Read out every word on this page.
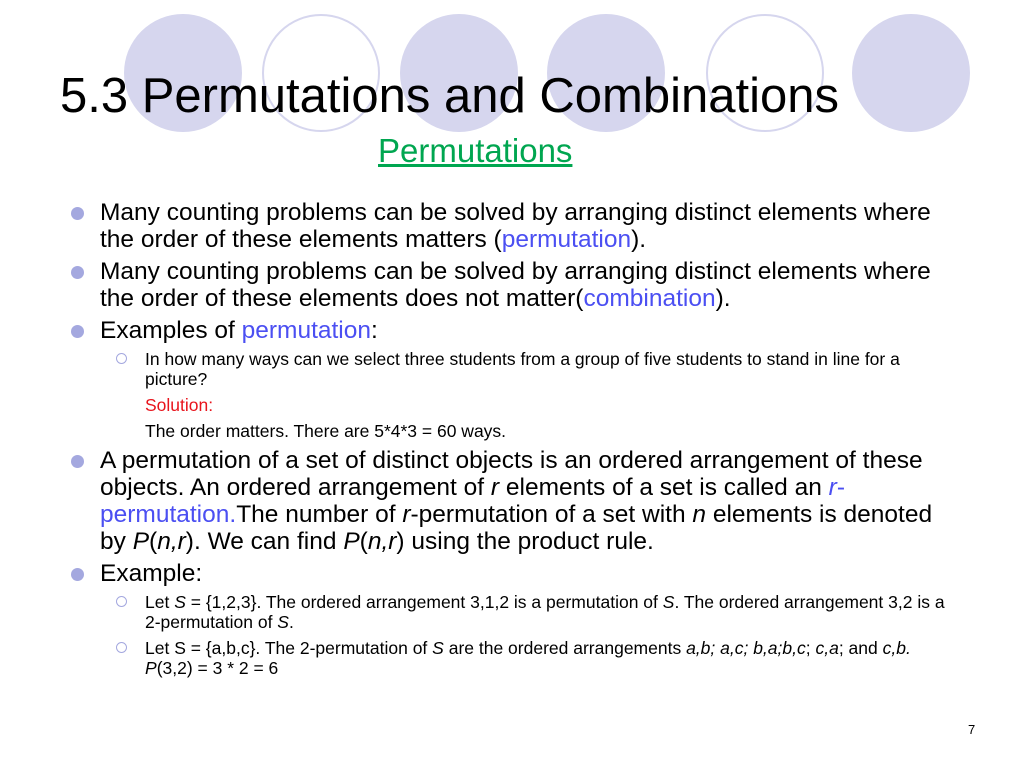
5.3 Permutations and Combinations
Permutations
Many counting problems can be solved by arranging distinct elements where the order of these elements matters (permutation).
Many counting problems can be solved by arranging distinct elements where the order of these elements does not matter(combination).
Examples of permutation:
In how many ways can we select three students from a group of five students to stand in line for a picture?
Solution:
The order matters. There are 5*4*3 = 60 ways.
A permutation of a set of distinct objects is an ordered arrangement of these objects. An ordered arrangement of r elements of a set is called an r-permutation.The number of r-permutation of a set with n elements is denoted by P(n,r). We can find P(n,r) using the product rule.
Example:
Let S = {1,2,3}. The ordered arrangement 3,1,2 is a permutation of S. The ordered arrangement 3,2 is a 2-permutation of S.
Let S = {a,b,c}. The 2-permutation of S are the ordered arrangements a,b; a,c; b,a;b,c; c,a; and c,b. P(3,2) = 3 * 2 = 6
7
